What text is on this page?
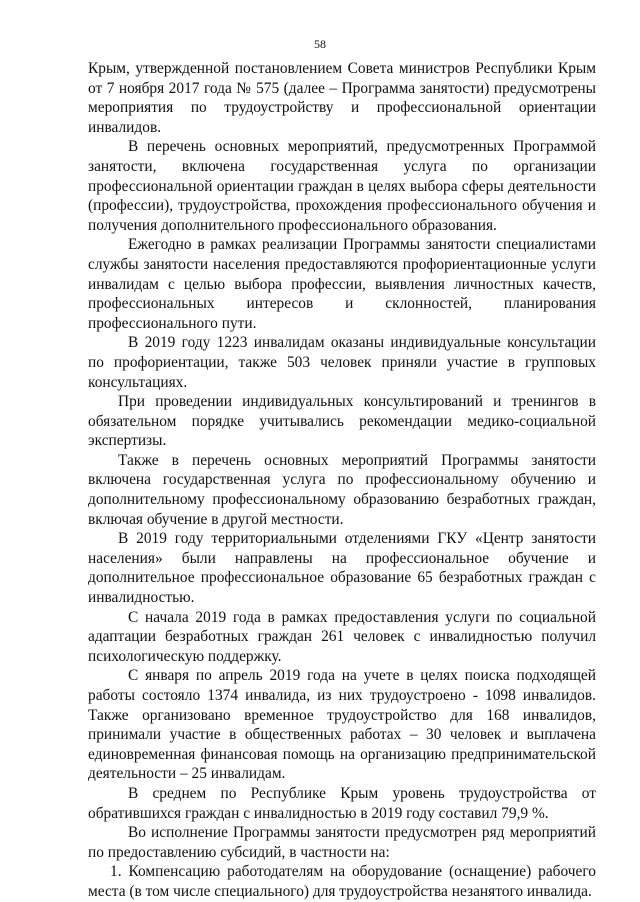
58

Крым, утвержденной постановлением Совета министров Республики Крым от 7 ноября 2017 года № 575 (далее – Программа занятости) предусмотрены мероприятия по трудоустройству и профессиональной ориентации инвалидов.

В перечень основных мероприятий, предусмотренных Программой занятости, включена государственная услуга по организации профессиональной ориентации граждан в целях выбора сферы деятельности (профессии), трудоустройства, прохождения профессионального обучения и получения дополнительного профессионального образования.

Ежегодно в рамках реализации Программы занятости специалистами службы занятости населения предоставляются профориентационные услуги инвалидам с целью выбора профессии, выявления личностных качеств, профессиональных интересов и склонностей, планирования профессионального пути.

В 2019 году 1223 инвалидам оказаны индивидуальные консультации по профориентации, также 503 человек приняли участие в групповых консультациях.

При проведении индивидуальных консультирований и тренингов в обязательном порядке учитывались рекомендации медико-социальной экспертизы.

Также в перечень основных мероприятий Программы занятости включена государственная услуга по профессиональному обучению и дополнительному профессиональному образованию безработных граждан, включая обучение в другой местности.

В 2019 году территориальными отделениями ГКУ «Центр занятости населения» были направлены на профессиональное обучение и дополнительное профессиональное образование 65 безработных граждан с инвалидностью.

С начала 2019 года в рамках предоставления услуги по социальной адаптации безработных граждан 261 человек с инвалидностью получил психологическую поддержку.

С января по апрель 2019 года на учете в целях поиска подходящей работы состояло 1374 инвалида, из них трудоустроено - 1098 инвалидов. Также организовано временное трудоустройство для 168 инвалидов, принимали участие в общественных работах – 30 человек и выплачена единовременная финансовая помощь на организацию предпринимательской деятельности – 25 инвалидам.

В среднем по Республике Крым уровень трудоустройства от обратившихся граждан с инвалидностью в 2019 году составил 79,9 %.

Во исполнение Программы занятости предусмотрен ряд мероприятий по предоставлению субсидий, в частности на:

1. Компенсацию работодателям на оборудование (оснащение) рабочего места (в том числе специального) для трудоустройства незанятого инвалида.
